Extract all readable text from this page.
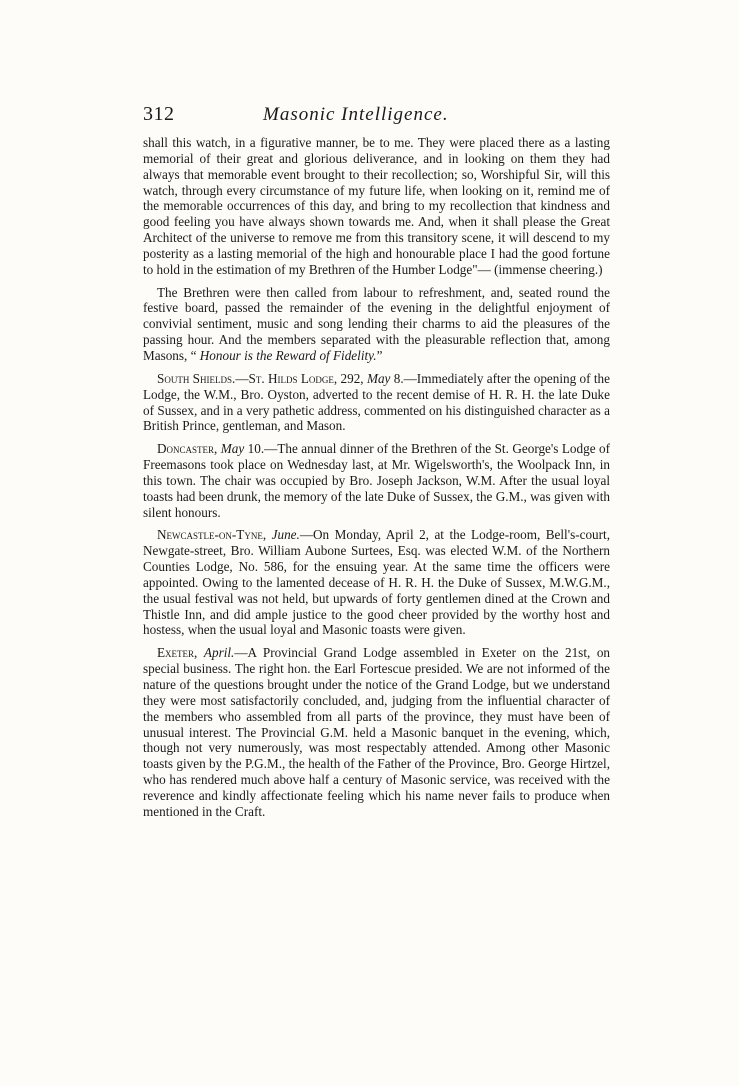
312	Masonic Intelligence.

shall this watch, in a figurative manner, be to me. They were placed there as a lasting memorial of their great and glorious deliverance, and in looking on them they had always that memorable event brought to their recollection; so, Worshipful Sir, will this watch, through every circumstance of my future life, when looking on it, remind me of the memorable occurrences of this day, and bring to my recollection that kindness and good feeling you have always shown towards me. And, when it shall please the Great Architect of the universe to remove me from this transitory scene, it will descend to my posterity as a lasting memorial of the high and honourable place I had the good fortune to hold in the estimation of my Brethren of the Humber Lodge"— (immense cheering.)

The Brethren were then called from labour to refreshment, and, seated round the festive board, passed the remainder of the evening in the delightful enjoyment of convivial sentiment, music and song lending their charms to aid the pleasures of the passing hour. And the members separated with the pleasurable reflection that, among Masons, “ Honour is the Reward of Fidelity.”

South Shields.—St. Hilds Lodge, 292, May 8.—Immediately after the opening of the Lodge, the W.M., Bro. Oyston, adverted to the recent demise of H. R. H. the late Duke of Sussex, and in a very pathetic address, commented on his distinguished character as a British Prince, gentleman, and Mason.

Doncaster, May 10.—The annual dinner of the Brethren of the St. George's Lodge of Freemasons took place on Wednesday last, at Mr. Wigelsworth's, the Woolpack Inn, in this town. The chair was occupied by Bro. Joseph Jackson, W.M. After the usual loyal toasts had been drunk, the memory of the late Duke of Sussex, the G.M., was given with silent honours.

Newcastle-on-Tyne, June.—On Monday, April 2, at the Lodge-room, Bell's-court, Newgate-street, Bro. William Aubone Surtees, Esq. was elected W.M. of the Northern Counties Lodge, No. 586, for the ensuing year. At the same time the officers were appointed. Owing to the lamented decease of H. R. H. the Duke of Sussex, M.W.G.M., the usual festival was not held, but upwards of forty gentlemen dined at the Crown and Thistle Inn, and did ample justice to the good cheer provided by the worthy host and hostess, when the usual loyal and Masonic toasts were given.

Exeter, April.—A Provincial Grand Lodge assembled in Exeter on the 21st, on special business. The right hon. the Earl Fortescue presided. We are not informed of the nature of the questions brought under the notice of the Grand Lodge, but we understand they were most satisfactorily concluded, and, judging from the influential character of the members who assembled from all parts of the province, they must have been of unusual interest. The Provincial G.M. held a Masonic banquet in the evening, which, though not very numerously, was most respectably attended. Among other Masonic toasts given by the P.G.M., the health of the Father of the Province, Bro. George Hirtzel, who has rendered much above half a century of Masonic service, was received with the reverence and kindly affectionate feeling which his name never fails to produce when mentioned in the Craft.
